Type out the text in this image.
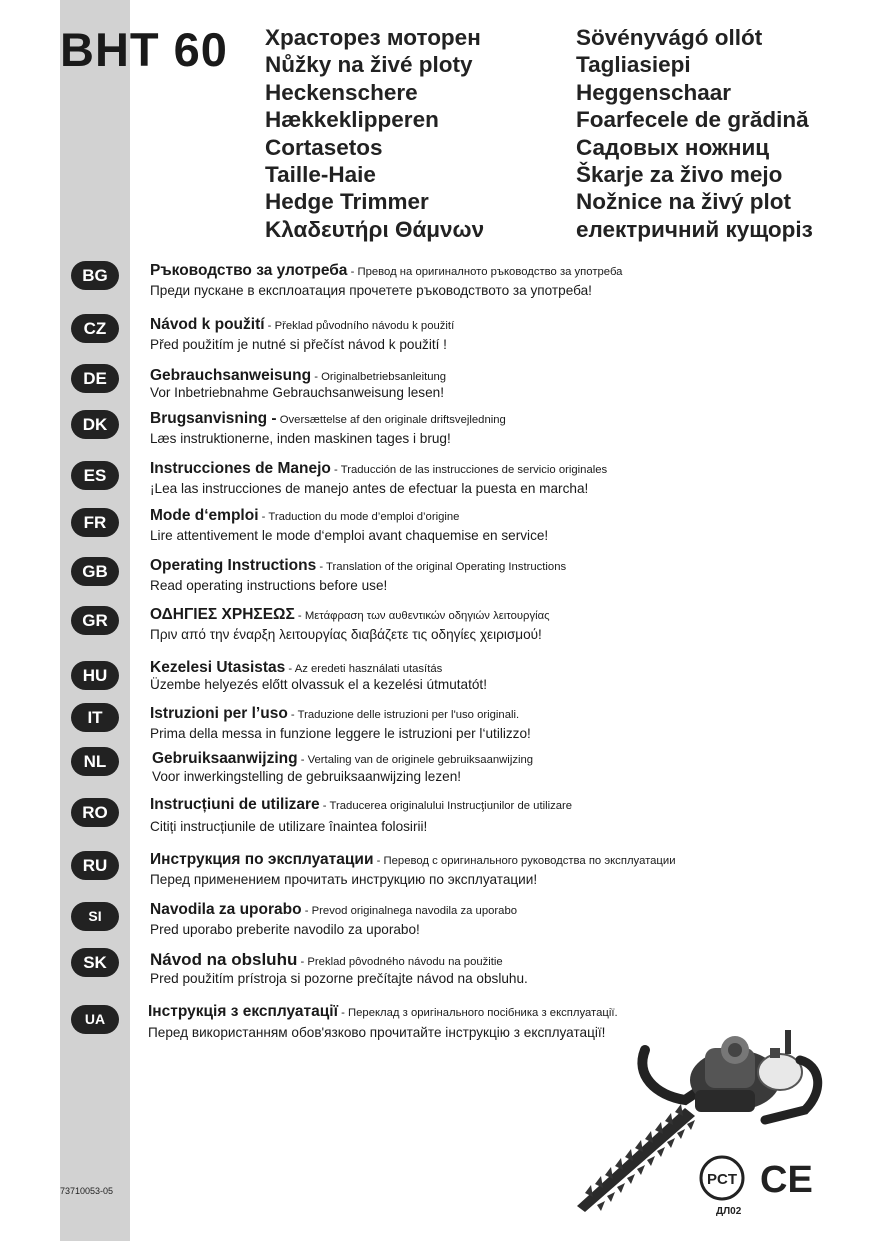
BHT 60 Храсторез моторен
Nůžky na živé ploty
Heckenschere
Hækkeklipperen
Cortasetos
Taille-Haie
Hedge Trimmer
Κλαδευτήρι Θάμνων
Sövényvágó ollót
Tagliasiepi
Heggenschaar
Foarfecele de grădină
Садовых ножниц
Škarje za živo mejo
Nožnice na živý plot
електричний кущоріз
BG
CZ
DE
DK
ES
FR
GB
GR
HU
IT
NL
RO
RU
SI
SK
UA
Ръководство за улотреба - Превод на оригиналното ръководство за употреба
Преди пускане в експлоатация прочетете ръководството за употреба!
Návod k použití - Překlad původního návodu k použití
Před použitím je nutné si přečíst návod k použití !
Gebrauchsanweisung - Originalbetriebsanleitung
Vor Inbetriebnahme Gebrauchsanweisung lesen!
Brugsanvisning - Oversættelse af den originale driftsvejledning
Læs instruktionerne, inden maskinen tages i brug!
Instrucciones de Manejo - Traducción de las instrucciones de servicio originales
¡Lea las instrucciones de manejo antes de efectuar la puesta en marcha!
Mode d‘emploi - Traduction du mode d’emploi d’origine
Lire attentivement le mode d‘emploi avant chaquemise en service!
Operating Instructions - Translation of the original Operating Instructions
Read operating instructions before use!
ΟΔΗΓΙΕΣ ΧΡΗΣΕΩΣ - Μετάφραση των αυθεντικών οδηγιών λειτουργίας
Πριν από την έναρξη λειτουργίας διαβάζετε τις οδηγίες χειρισμού!
Kezelesi Utasistas - Az eredeti használati utasítás
Üzembe helyezés előtt olvassuk el a kezelési útmutatót!
Istruzioni per l’uso - Traduzione delle istruzioni per l'uso originali.
Prima della messa in funzione leggere le istruzioni per l‘utilizzo!
Gebruiksaanwijzing - Vertaling van de originele gebruiksaanwijzing
Voor inwerkingstelling de gebruiksaanwijzing lezen!
Instrucțiuni de utilizare - Traducerea originalului Instrucţiunilor de utilizare
Citiți instrucțiunile de utilizare înaintea folosirii!
Инструкция по эксплуатации - Перевод с оригинального руководства по эксплуатации
Перед применением прочитать инструкцию по эксплуатации!
Navodila za uporabo - Prevod originalnega navodila za uporabo
Pred uporabo preberite navodilo za uporabo!
Návod na obsluhu - Preklad pôvodného návodu na použitie
Pred použitím prístroja si pozorne prečítajte návod na obsluhu.
Інструкція з експлуатації - Переклад з оригінального посібника з експлуатації.
Перед використанням обов'язково прочитайте інструкцію з експлуатації!
PCT CE
ДЛ02
73710053-05
